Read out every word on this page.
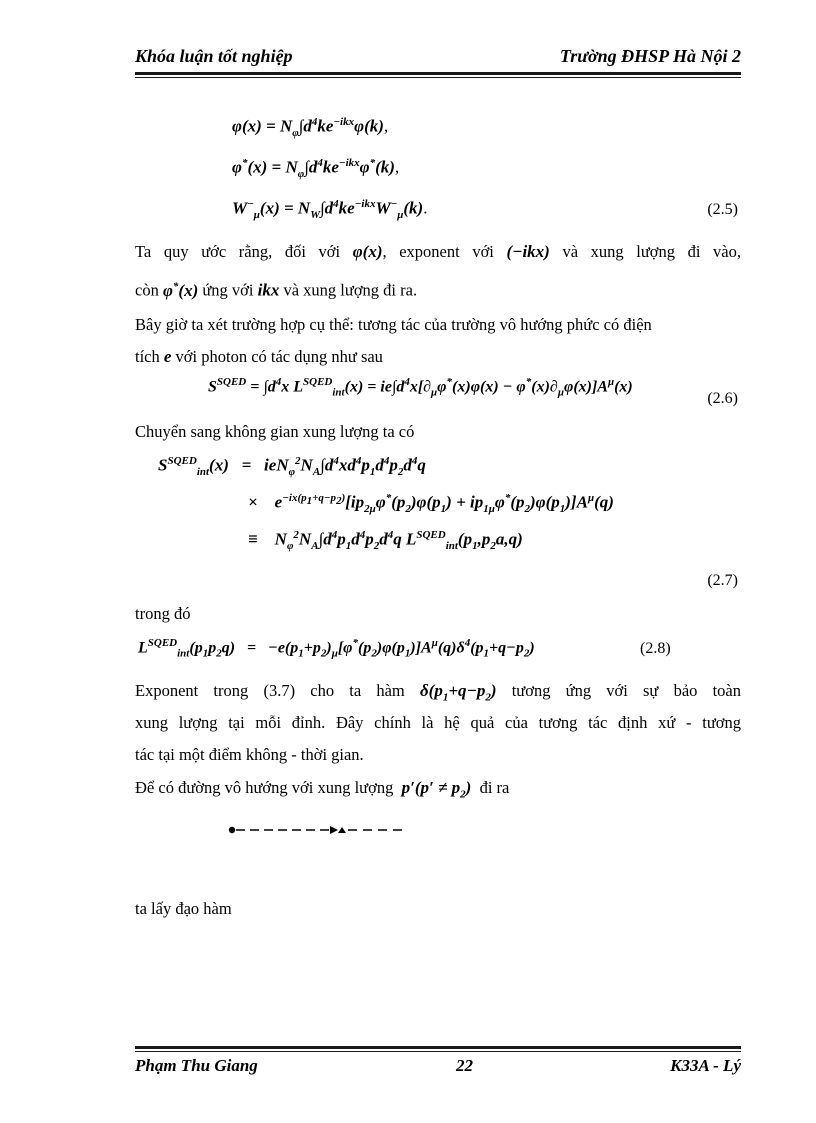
Khóa luận tốt nghiệp	Trường ĐHSP Hà Nội 2
$\varphi(x) = N_\varphi\int d^4ke^{-ikx}\varphi(k)$,
$\varphi^*(x) = N_\varphi\int d^4ke^{-ikx}\varphi^*(k)$,
$W^-_\mu(x) = N_W\int d^4ke^{-ikx}W^-_\mu(k)$.	(2.5)
Ta quy ước rằng, đối với φ(x), exponent với (−ikx) và xung lượng đi vào,
còn φ*(x) ứng với ikx và xung lượng đi ra.
Bây giờ ta xét trường hợp cụ thể: tương tác của trường vô hướng phức có điện
tích e với photon có tác dụng như sau
$S^{SQED} = \int d^4x$ $L^{SQED}_{int}(x) = ie\int d^4x[\partial_\mu\varphi^*(x)\varphi(x) - \varphi^*(x)\partial_\mu\varphi(x)]A^\mu(x)$
(2.6)
Chuyển sang không gian xung lượng ta có
$S^{SQED}_{int}(x) = ieN_\varphi^2N_A\int d^4xd^4p_1d^4p_2d^4q$
×    $e^{-ix(p_1+q-p_2)}[ip_{2\mu}\varphi^*(p_2)\varphi(p_1) + ip_{1\mu}\varphi^*(p_2)\varphi(p_1)]A^\mu(q)$
≡    $N_\varphi^2N_A\int d^4p_1d^4p_2d^4q$ $L^{SQED}_{int}(p_1,p_2a,q)$
(2.7)
trong đó
$L^{SQED}_{int}(p_1p_2q) = -e(p_1+p_2)_\mu[\varphi^*(p_2)\varphi(p_1)]A^\mu(q)\delta^4(p_1+q-p_2)$	(2.8)
Exponent trong (3.7) cho ta hàm $\delta(p_1+q-p_2)$ tương ứng với sự bảo toàn
xung lượng tại mỗi đỉnh. Đây chính là hệ quả của tương tác định xứ - tương
tác tại một điểm không - thời gian.
Để có đường vô hướng với xung lượng  $p'(p' \ne p_2)$  đi ra
ta lấy đạo hàm
Phạm Thu Giang	22	K33A - Lý
